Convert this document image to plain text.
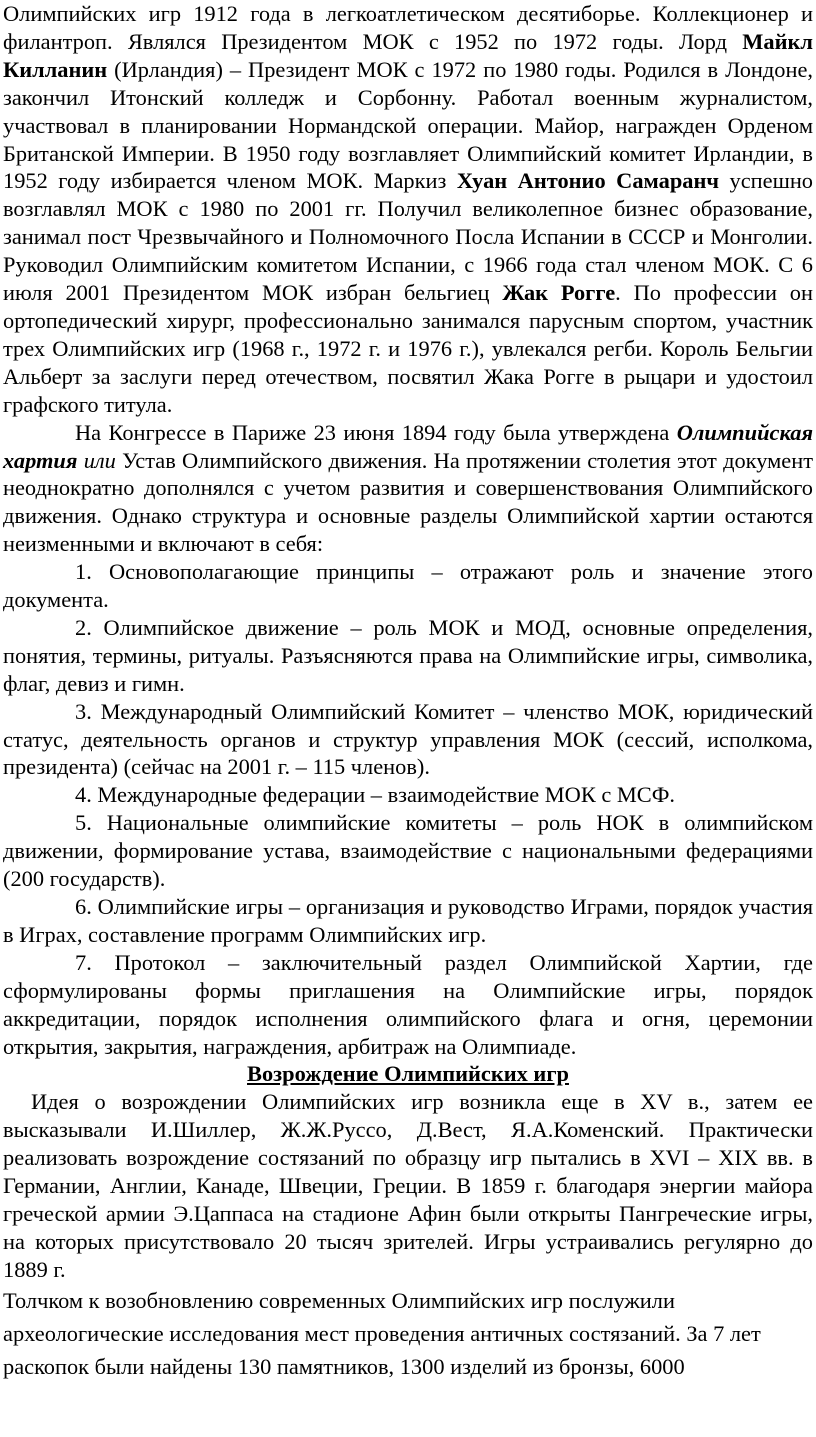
Олимпийских игр 1912 года в легкоатлетическом десятиборье. Коллекционер и филантроп. Являлся Президентом МОК с 1952 по 1972 годы. Лорд Майкл Килланин (Ирландия) – Президент МОК с 1972 по 1980 годы. Родился в Лондоне, закончил Итонский колледж и Сорбонну. Работал военным журналистом, участвовал в планировании Нормандской операции. Майор, награжден Орденом Британской Империи. В 1950 году возглавляет Олимпийский комитет Ирландии, в 1952 году избирается членом МОК. Маркиз Хуан Антонио Самаранч успешно возглавлял МОК с 1980 по 2001 гг. Получил великолепное бизнес образование, занимал пост Чрезвычайного и Полномочного Посла Испании в СССР и Монголии. Руководил Олимпийским комитетом Испании, с 1966 года стал членом МОК. С 6 июля 2001 Президентом МОК избран бельгиец Жак Рогге. По профессии он ортопедический хирург, профессионально занимался парусным спортом, участник трех Олимпийских игр (1968 г., 1972 г. и 1976 г.), увлекался регби. Король Бельгии Альберт за заслуги перед отечеством, посвятил Жака Рогге в рыцари и удостоил графского титула.

На Конгрессе в Париже 23 июня 1894 году была утверждена Олимпийская хартия или Устав Олимпийского движения. На протяжении столетия этот документ неоднократно дополнялся с учетом развития и совершенствования Олимпийского движения. Однако структура и основные разделы Олимпийской хартии остаются неизменными и включают в себя:

1. Основополагающие принципы – отражают роль и значение этого документа.

2. Олимпийское движение – роль МОК и МОД, основные определения, понятия, термины, ритуалы. Разъясняются права на Олимпийские игры, символика, флаг, девиз и гимн.

3. Международный Олимпийский Комитет – членство МОК, юридический статус, деятельность органов и структур управления МОК (сессий, исполкома, президента) (сейчас на 2001 г. – 115 членов).

4. Международные федерации – взаимодействие МОК с МСФ.

5. Национальные олимпийские комитеты – роль НОК в олимпийском движении, формирование устава, взаимодействие с национальными федерациями (200 государств).

6. Олимпийские игры – организация и руководство Играми, порядок участия в Играх, составление программ Олимпийских игр.

7. Протокол – заключительный раздел Олимпийской Хартии, где сформулированы формы приглашения на Олимпийские игры, порядок аккредитации, порядок исполнения олимпийского флага и огня, церемонии открытия, закрытия, награждения, арбитраж на Олимпиаде.

Возрождение Олимпийских игр

Идея о возрождении Олимпийских игр возникла еще в XV в., затем ее высказывали И.Шиллер, Ж.Ж.Руссо, Д.Вест, Я.А.Коменский. Практически реализовать возрождение состязаний по образцу игр пытались в XVI – XIX вв. в Германии, Англии, Канаде, Швеции, Греции. В 1859 г. благодаря энергии майора греческой армии Э.Цаппаса на стадионе Афин были открыты Пангреческие игры, на которых присутствовало 20 тысяч зрителей. Игры устраивались регулярно до 1889 г.

Толчком к возобновлению современных Олимпийских игр послужили археологические исследования мест проведения античных состязаний. За 7 лет раскопок были найдены 130 памятников, 1300 изделий из бронзы, 6000
